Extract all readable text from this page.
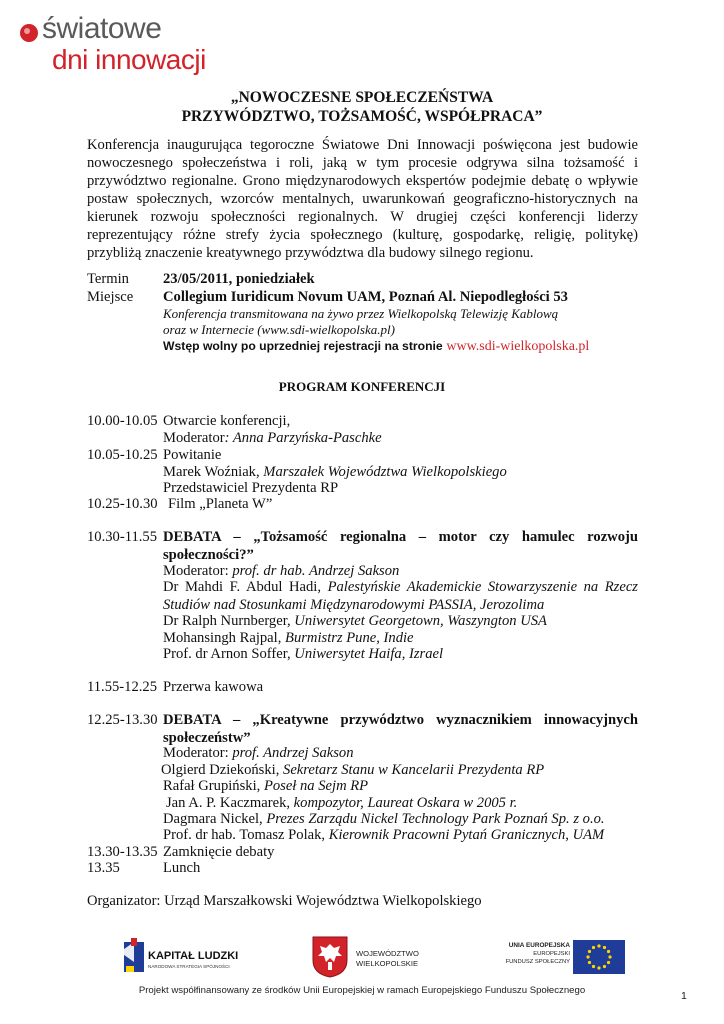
światowe
dni innowacji
„NOWOCZESNE SPOŁECZEŃSTWA
PRZYWÓDZTWO, TOŻSAMOŚĆ, WSPÓŁPRACA”
Konferencja inaugurująca tegoroczne Światowe Dni Innowacji poświęcona jest budowie nowoczesnego społeczeństwa i roli, jaką w tym procesie odgrywa silna tożsamość i przywództwo regionalne. Grono międzynarodowych ekspertów podejmie debatę o wpływie postaw społecznych, wzorców mentalnych, uwarunkowań geograficzno-historycznych na kierunek rozwoju społeczności regionalnych. W drugiej części konferencji liderzy reprezentujący różne strefy życia społecznego (kulturę, gospodarkę, religię, politykę) przybliżą znaczenie kreatywnego przywództwa dla budowy silnego regionu.
Termin 23/05/2011, poniedziałek
Miejsce Collegium Iuridicum Novum UAM, Poznań Al. Niepodległości 53
Konferencja transmitowana na żywo przez Wielkopolską Telewizję Kablową
oraz w Internecie (www.sdi-wielkopolska.pl)
Wstęp wolny po uprzedniej rejestracji na stronie www.sdi-wielkopolska.pl
PROGRAM KONFERENCJI
10.00-10.05 Otwarcie konferencji,
Moderator: Anna Parzyńska-Paschke
10.05-10.25 Powitanie
Marek Woźniak, Marszałek Województwa Wielkopolskiego
Przedstawiciel Prezydenta RP
10.25-10.30 Film „Planeta W”
10.30-11.55 DEBATA – „Tożsamość regionalna – motor czy hamulec rozwoju społeczności?”
Moderator: prof. dr hab. Andrzej Sakson
Dr Mahdi F. Abdul Hadi, Palestyńskie Akademickie Stowarzyszenie na Rzecz Studiów nad Stosunkami Międzynarodowymi PASSIA, Jerozolima
Dr Ralph Nurnberger, Uniwersytet Georgetown, Waszyngton USA
Mohansingh Rajpal, Burmistrz Pune, Indie
Prof. dr Arnon Soffer, Uniwersytet Haifa, Izrael
11.55-12.25 Przerwa kawowa
12.25-13.30 DEBATA – „Kreatywne przywództwo wyznacznikiem innowacyjnych społeczeństw”
Moderator: prof. Andrzej Sakson
Olgierd Dziekoński, Sekretarz Stanu w Kancelarii Prezydenta RP
Rafał Grupiński, Poseł na Sejm RP
Jan A. P. Kaczmarek, kompozytor, Laureat Oskara w 2005 r.
Dagmara Nickel, Prezes Zarządu Nickel Technology Park Poznań Sp. z o.o.
Prof. dr hab. Tomasz Polak, Kierownik Pracowni Pytań Granicznych, UAM
13.30-13.35 Zamknięcie debaty
13.35	Lunch
Organizator: Urząd Marszałkowski Województwa Wielkopolskiego
KAPITAŁ LUDZKI
NARODOWA STRATEGIA SPÓJNOŚCI
WOJEWÓDZTWO
WIELKOPOLSKIE
UNIA EUROPEJSKA
EUROPEJSKI
FUNDUSZ SPOŁECZNY
Projekt współfinansowany ze środków Unii Europejskiej w ramach Europejskiego Funduszu Społecznego	1
